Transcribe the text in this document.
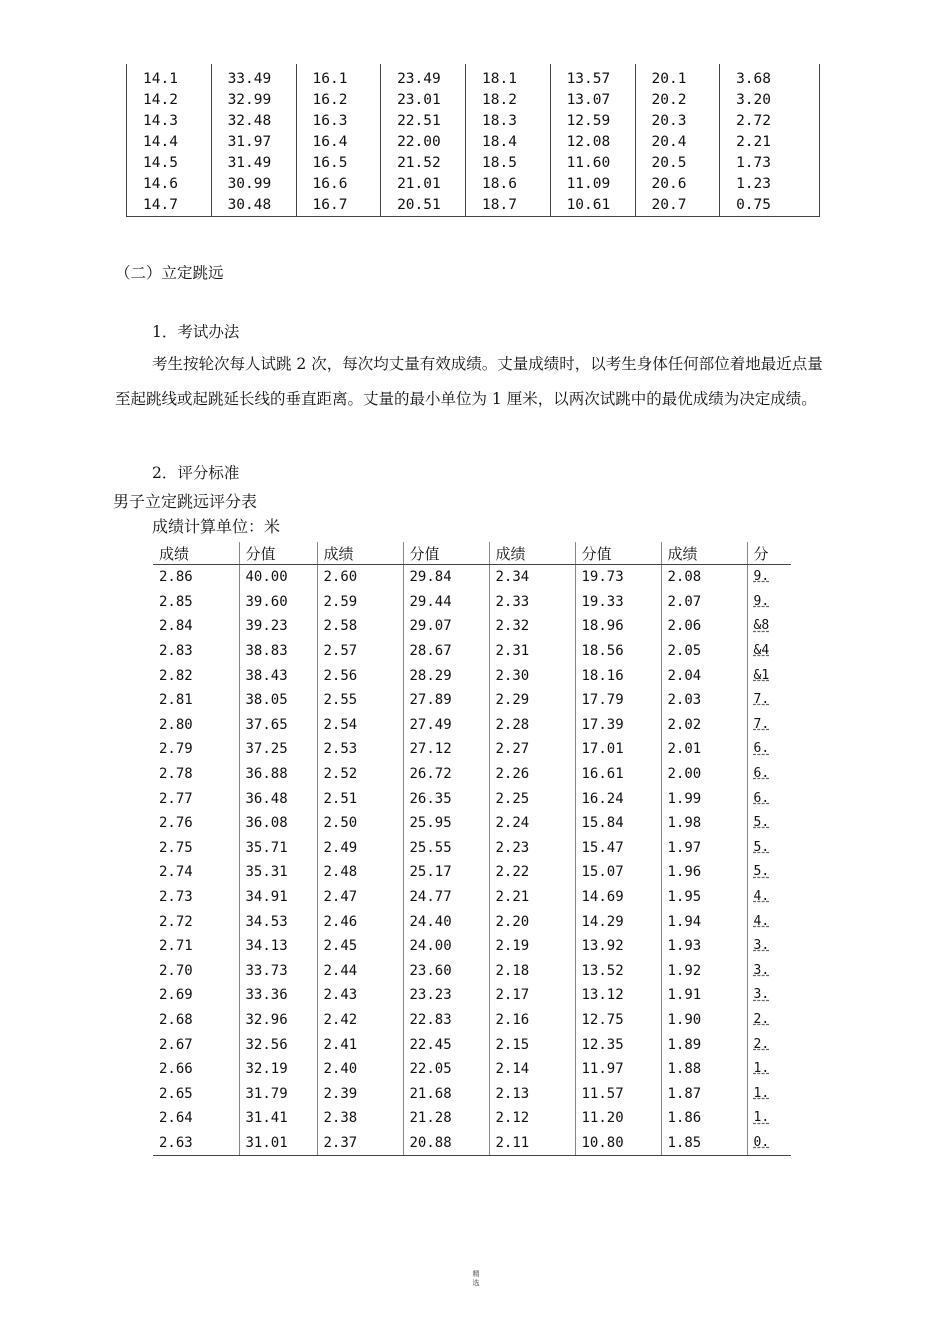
14.1	33.49	16.1	23.49	18.1	13.57	20.1	3.68
14.2	32.99	16.2	23.01	18.2	13.07	20.2	3.20
14.3	32.48	16.3	22.51	18.3	12.59	20.3	2.72
14.4	31.97	16.4	22.00	18.4	12.08	20.4	2.21
14.5	31.49	16.5	21.52	18.5	11.60	20.5	1.73
14.6	30.99	16.6	21.01	18.6	11.09	20.6	1.23
14.7	30.48	16.7	20.51	18.7	10.61	20.7	0.75
（二）立定跳远
1．考试办法
考生按轮次每人试跳 2 次，每次均丈量有效成绩。丈量成绩时，以考生身体任何部位着地最近点量至起跳线或起跳延长线的垂直距离。丈量的最小单位为 1 厘米，以两次试跳中的最优成绩为决定成绩。
2．评分标准
男子立定跳远评分表
成绩计算单位：米
成绩	分值	成绩	分值	成绩	分值	成绩	分
2.86	40.00	2.60	29.84	2.34	19.73	2.08	9.
2.85	39.60	2.59	29.44	2.33	19.33	2.07	9.
2.84	39.23	2.58	29.07	2.32	18.96	2.06	&8
2.83	38.83	2.57	28.67	2.31	18.56	2.05	&4
2.82	38.43	2.56	28.29	2.30	18.16	2.04	&1
2.81	38.05	2.55	27.89	2.29	17.79	2.03	7.
2.80	37.65	2.54	27.49	2.28	17.39	2.02	7.
2.79	37.25	2.53	27.12	2.27	17.01	2.01	6.
2.78	36.88	2.52	26.72	2.26	16.61	2.00	6.
2.77	36.48	2.51	26.35	2.25	16.24	1.99	6.
2.76	36.08	2.50	25.95	2.24	15.84	1.98	5.
2.75	35.71	2.49	25.55	2.23	15.47	1.97	5.
2.74	35.31	2.48	25.17	2.22	15.07	1.96	5.
2.73	34.91	2.47	24.77	2.21	14.69	1.95	4.
2.72	34.53	2.46	24.40	2.20	14.29	1.94	4.
2.71	34.13	2.45	24.00	2.19	13.92	1.93	3.
2.70	33.73	2.44	23.60	2.18	13.52	1.92	3.
2.69	33.36	2.43	23.23	2.17	13.12	1.91	3.
2.68	32.96	2.42	22.83	2.16	12.75	1.90	2.
2.67	32.56	2.41	22.45	2.15	12.35	1.89	2.
2.66	32.19	2.40	22.05	2.14	11.97	1.88	1.
2.65	31.79	2.39	21.68	2.13	11.57	1.87	1.
2.64	31.41	2.38	21.28	2.12	11.20	1.86	1.
2.63	31.01	2.37	20.88	2.11	10.80	1.85	0.
精选
